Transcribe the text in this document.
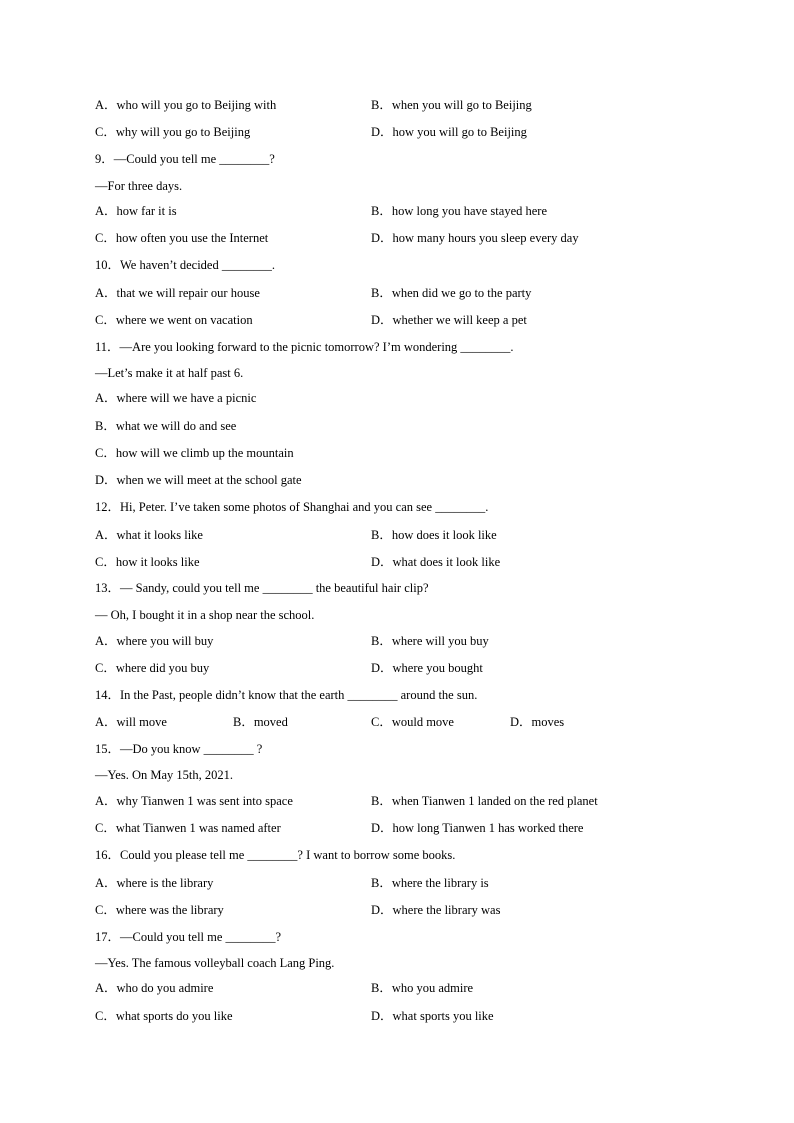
A．who will you go to Beijing with	B．when you will go to Beijing
C．why will you go to Beijing	D．how you will go to Beijing
9．—Could you tell me ________?
—For three days.
A．how far it is	B．how long you have stayed here
C．how often you use the Internet	D．how many hours you sleep every day
10．We haven’t decided ________.
A．that we will repair our house	B．when did we go to the party
C．where we went on vacation	D．whether we will keep a pet
11．—Are you looking forward to the picnic tomorrow? I’m wondering ________.
—Let’s make it at half past 6.
A．where will we have a picnic
B．what we will do and see
C．how will we climb up the mountain
D．when we will meet at the school gate
12．Hi, Peter. I’ve taken some photos of Shanghai and you can see ________.
A．what it looks like	B．how does it look like
C．how it looks like	D．what does it look like
13．— Sandy, could you tell me ________ the beautiful hair clip?
— Oh, I bought it in a shop near the school.
A．where you will buy	B．where will you buy
C．where did you buy	D．where you bought
14．In the Past, people didn’t know that the earth ________ around the sun.
A．will move	B．moved	C．would move	D．moves
15．—Do you know ________ ?
—Yes. On May 15th, 2021.
A．why Tianwen 1 was sent into space	B．when Tianwen 1 landed on the red planet
C．what Tianwen 1 was named after	D．how long Tianwen 1 has worked there
16．Could you please tell me ________? I want to borrow some books.
A．where is the library	B．where the library is
C．where was the library	D．where the library was
17．—Could you tell me ________?
—Yes. The famous volleyball coach Lang Ping.
A．who do you admire	B．who you admire
C．what sports do you like	D．what sports you like
